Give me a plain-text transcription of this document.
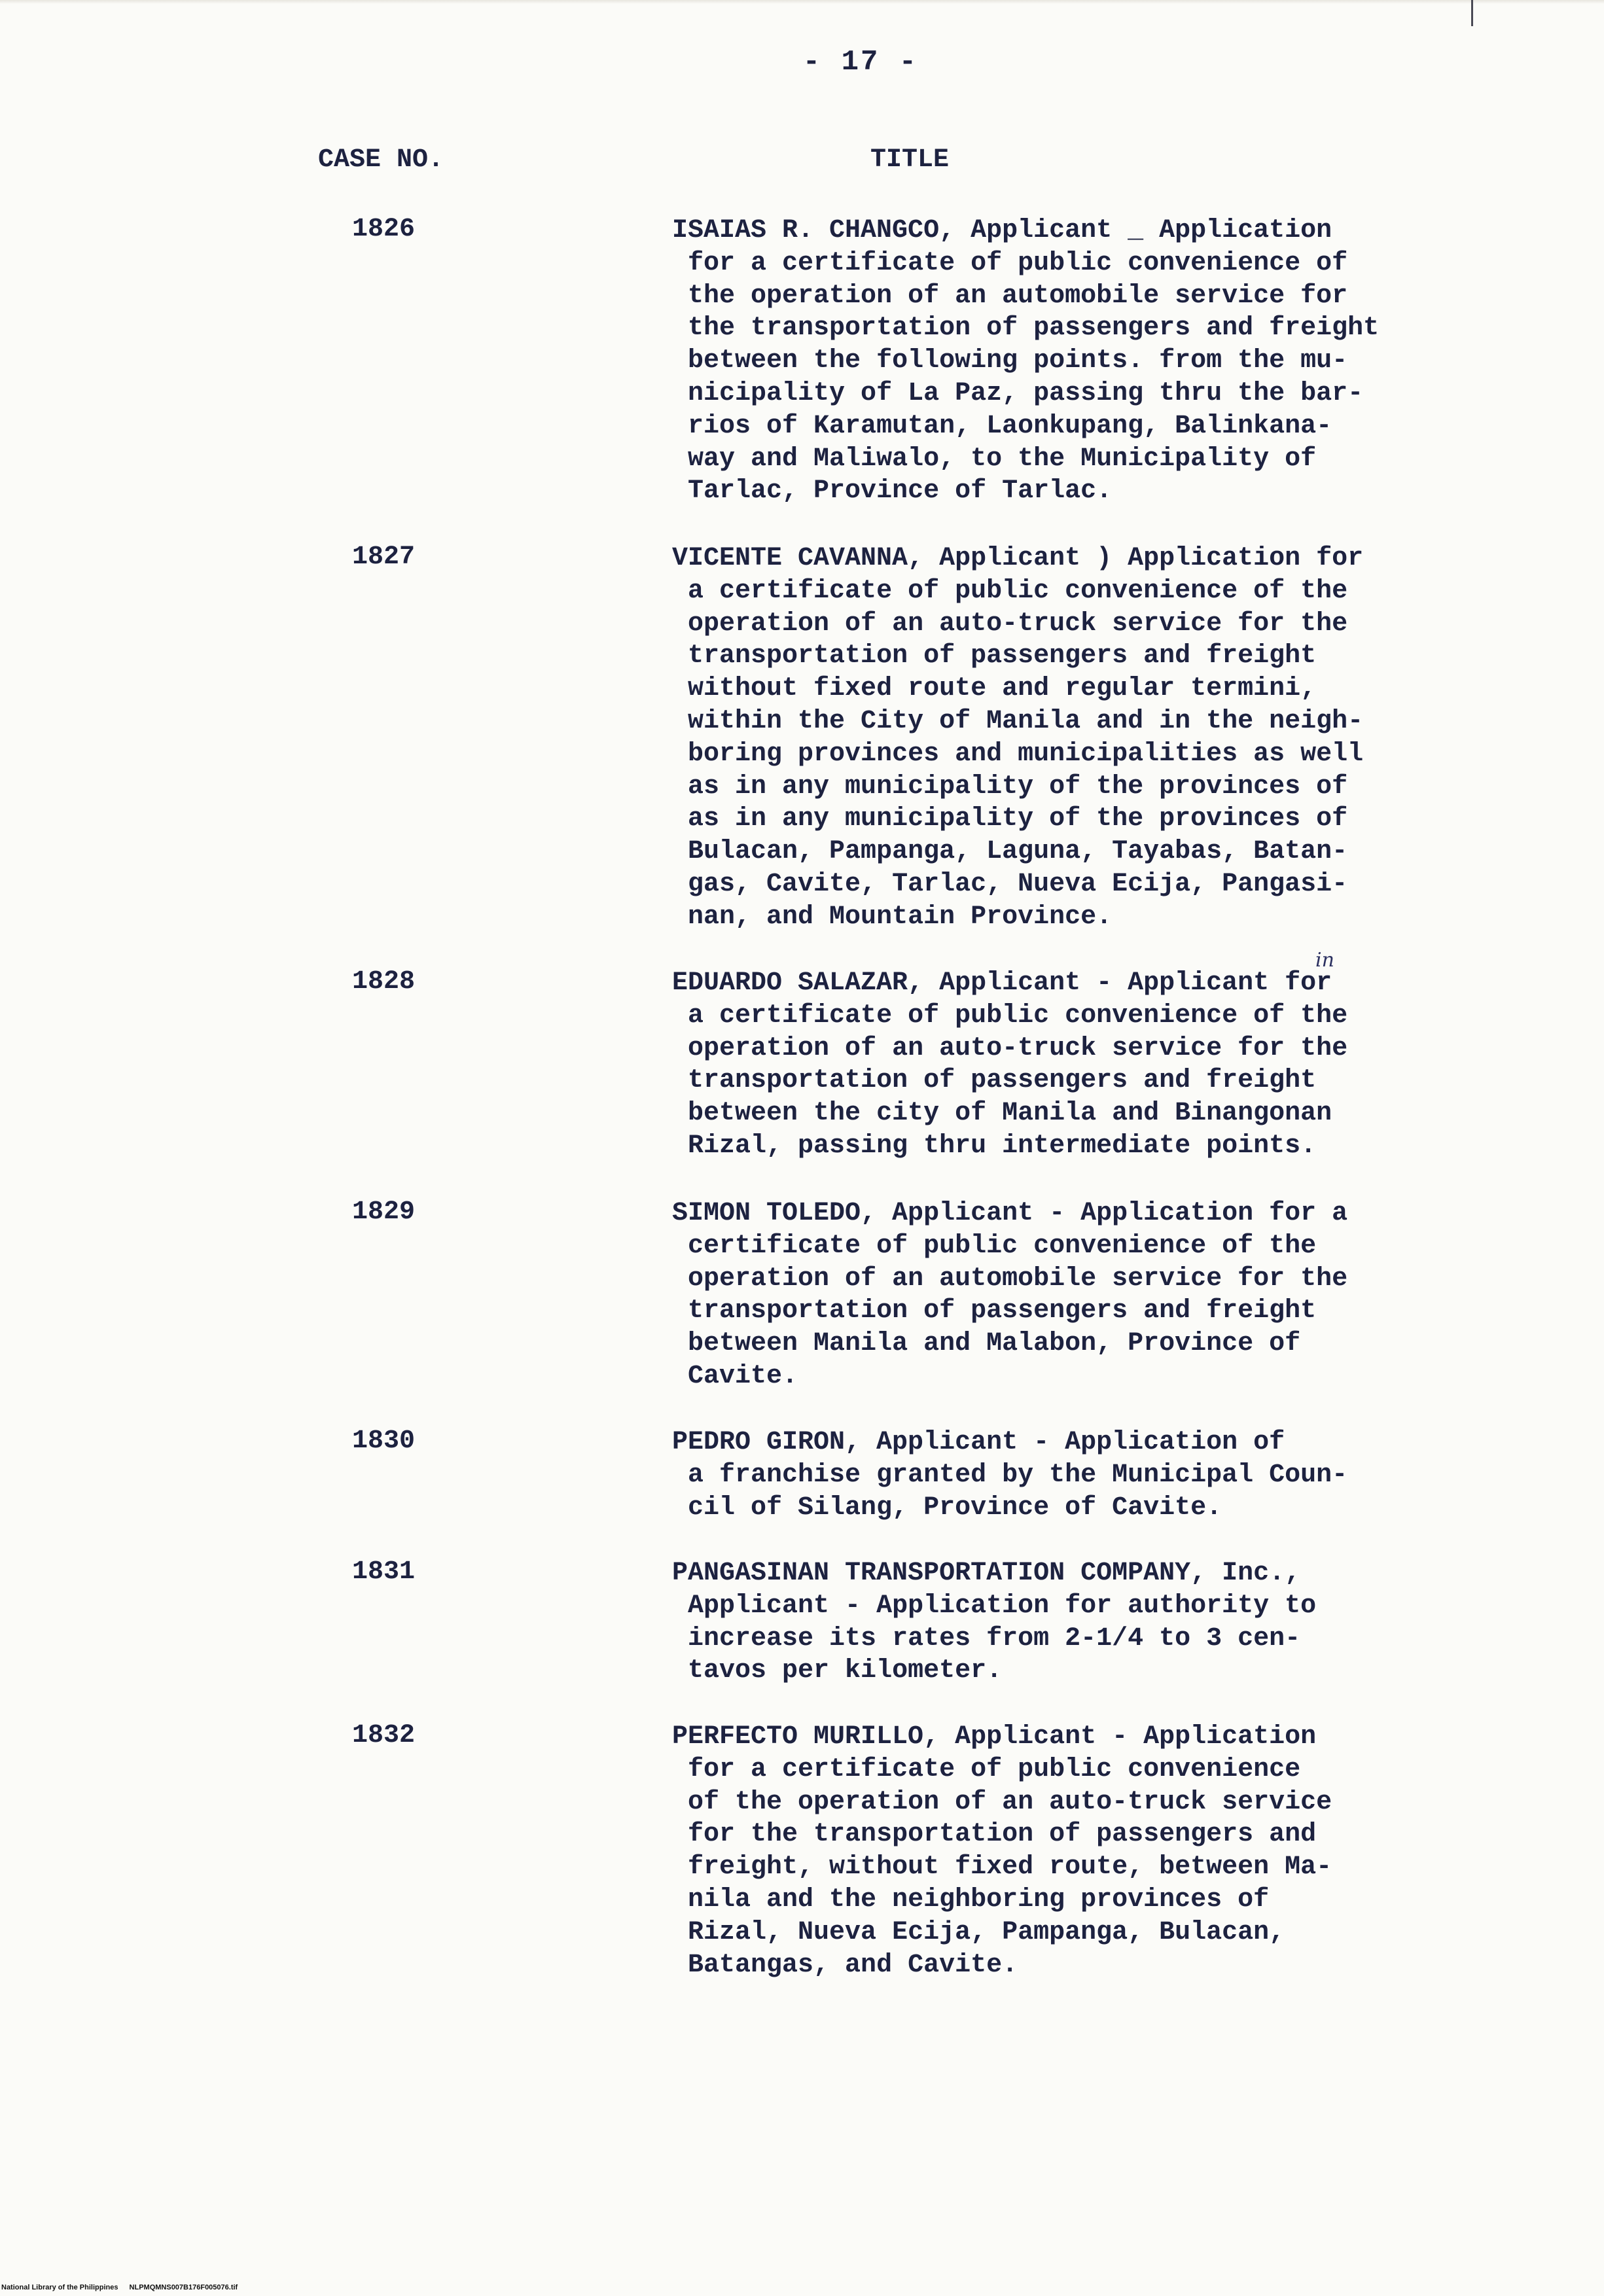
- 17 -
CASE NO.	TITLE
1826	ISAIAS R. CHANGCO, Applicant _ Application
for a certificate of public convenience of
the operation of an automobile service for
the transportation of passengers and freight
between the following points. from the mu-
nicipality of La Paz, passing thru the bar-
rios of Karamutan, Laonkupang, Balinkana-
way and Maliwalo, to the Municipality of
Tarlac, Province of Tarlac.
1827	VICENTE CAVANNA, Applicant ) Application for
a certificate of public convenience of the
operation of an auto-truck service for the
transportation of passengers and freight
without fixed route and regular termini,
within the City of Manila and in the neigh-
boring provinces and municipalities as well
as in any municipality of the provinces of
as in any municipality of the provinces of
Bulacan, Pampanga, Laguna, Tayabas, Batan-
gas, Cavite, Tarlac, Nueva Ecija, Pangasi-
nan, and Mountain Province.
1828	EDUARDO SALAZAR, Applicant - Applicant for
a certificate of public convenience of the
operation of an auto-truck service for the
transportation of passengers and freight
between the city of Manila and Binangonan
Rizal, passing thru intermediate points.
in
1829	SIMON TOLEDO, Applicant - Application for a
certificate of public convenience of the
operation of an automobile service for the
transportation of passengers and freight
between Manila and Malabon, Province of
Cavite.
1830	PEDRO GIRON, Applicant - Application of
a franchise granted by the Municipal Coun-
cil of Silang, Province of Cavite.
1831	PANGASINAN TRANSPORTATION COMPANY, Inc.,
Applicant - Application for authority to
increase its rates from 2-1/4 to 3 cen-
tavos per kilometer.
1832	PERFECTO MURILLO, Applicant - Application
for a certificate of public convenience
of the operation of an auto-truck service
for the transportation of passengers and
freight, without fixed route, between Ma-
nila and the neighboring provinces of
Rizal, Nueva Ecija, Pampanga, Bulacan,
Batangas, and Cavite.
National Library of the Philippines NLPMQMNS007B176F005076.tif
